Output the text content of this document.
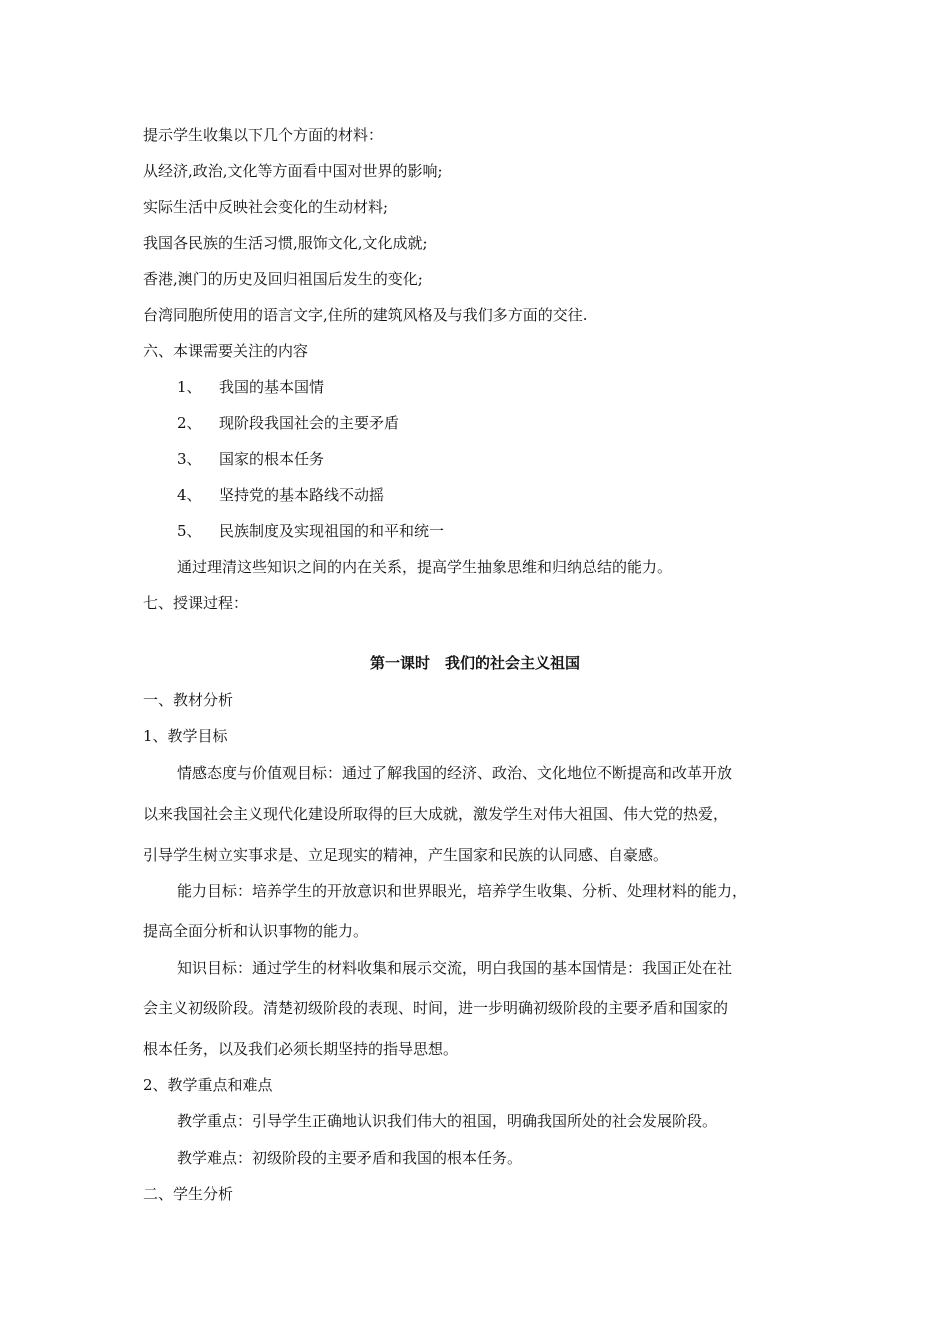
提示学生收集以下几个方面的材料：
从经济,政治,文化等方面看中国对世界的影响;
实际生活中反映社会变化的生动材料;
我国各民族的生活习惯,服饰文化,文化成就;
香港,澳门的历史及回归祖国后发生的变化;
台湾同胞所使用的语言文字,住所的建筑风格及与我们多方面的交往.
六、本课需要关注的内容
1、 我国的基本国情
2、 现阶段我国社会的主要矛盾
3、 国家的根本任务
4、 坚持党的基本路线不动摇
5、 民族制度及实现祖国的和平和统一
通过理清这些知识之间的内在关系，提高学生抽象思维和归纳总结的能力。
七、授课过程：
第一课时　我们的社会主义祖国
一、教材分析
1、教学目标
情感态度与价值观目标：通过了解我国的经济、政治、文化地位不断提高和改革开放
以来我国社会主义现代化建设所取得的巨大成就，激发学生对伟大祖国、伟大党的热爱，
引导学生树立实事求是、立足现实的精神，产生国家和民族的认同感、自豪感。
能力目标：培养学生的开放意识和世界眼光，培养学生收集、分析、处理材料的能力，
提高全面分析和认识事物的能力。
知识目标：通过学生的材料收集和展示交流，明白我国的基本国情是：我国正处在社
会主义初级阶段。清楚初级阶段的表现、时间，进一步明确初级阶段的主要矛盾和国家的
根本任务，以及我们必须长期坚持的指导思想。
2、教学重点和难点
教学重点：引导学生正确地认识我们伟大的祖国，明确我国所处的社会发展阶段。
教学难点：初级阶段的主要矛盾和我国的根本任务。
二、学生分析
